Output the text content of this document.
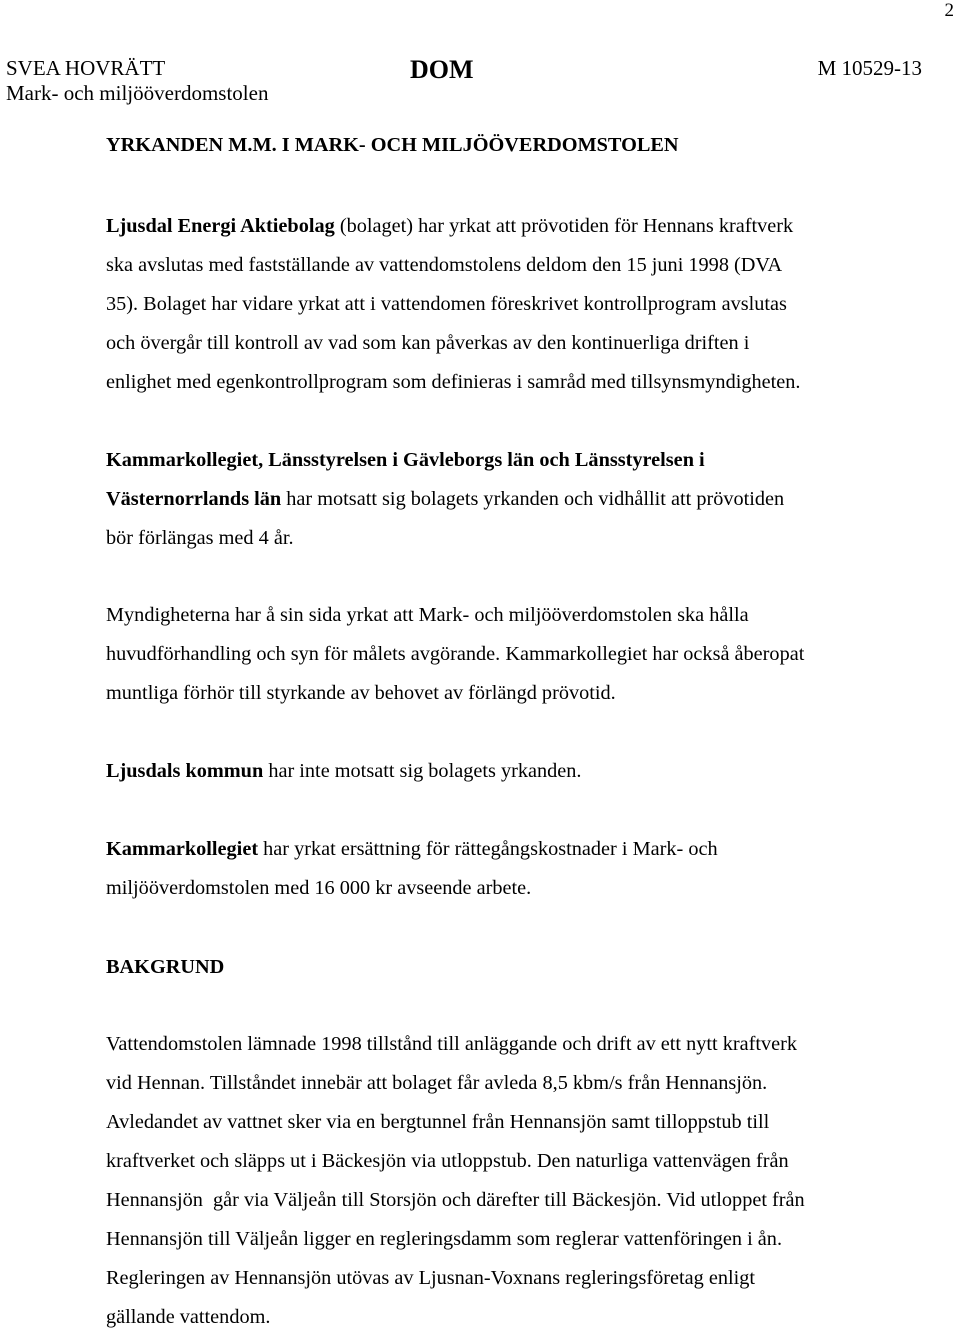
2
SVEA HOVRÄTT
Mark- och miljööverdomstolen
DOM	M 10529-13
YRKANDEN M.M. I MARK- OCH MILJÖÖVERDOMSTOLEN

Ljusdal Energi Aktiebolag (bolaget) har yrkat att prövotiden för Hennans kraftverk
ska avslutas med fastställande av vattendomstolens deldom den 15 juni 1998 (DVA
35). Bolaget har vidare yrkat att i vattendomen föreskrivet kontrollprogram avslutas
och övergår till kontroll av vad som kan påverkas av den kontinuerliga driften i
enlighet med egenkontrollprogram som definieras i samråd med tillsynsmyndigheten.

Kammarkollegiet, Länsstyrelsen i Gävleborgs län och Länsstyrelsen i
Västernorrlands län har motsatt sig bolagets yrkanden och vidhållit att prövotiden
bör förlängas med 4 år.

Myndigheterna har å sin sida yrkat att Mark- och miljööverdomstolen ska hålla
huvudförhandling och syn för målets avgörande. Kammarkollegiet har också åberopat
muntliga förhör till styrkande av behovet av förlängd prövotid.

Ljusdals kommun har inte motsatt sig bolagets yrkanden.

Kammarkollegiet har yrkat ersättning för rättegångskostnader i Mark- och
miljööverdomstolen med 16 000 kr avseende arbete.

BAKGRUND

Vattendomstolen lämnade 1998 tillstånd till anläggande och drift av ett nytt kraftverk
vid Hennan. Tillståndet innebär att bolaget får avleda 8,5 kbm/s från Hennansjön.
Avledandet av vattnet sker via en bergtunnel från Hennansjön samt tilloppstub till
kraftverket och släpps ut i Bäckesjön via utloppstub. Den naturliga vattenvägen från
Hennansjön  går via Väljeån till Storsjön och därefter till Bäckesjön. Vid utloppet från
Hennansjön till Väljeån ligger en regleringsdamm som reglerar vattenföringen i ån.
Regleringen av Hennansjön utövas av Ljusnan-Voxnans regleringsföretag enligt
gällande vattendom.
